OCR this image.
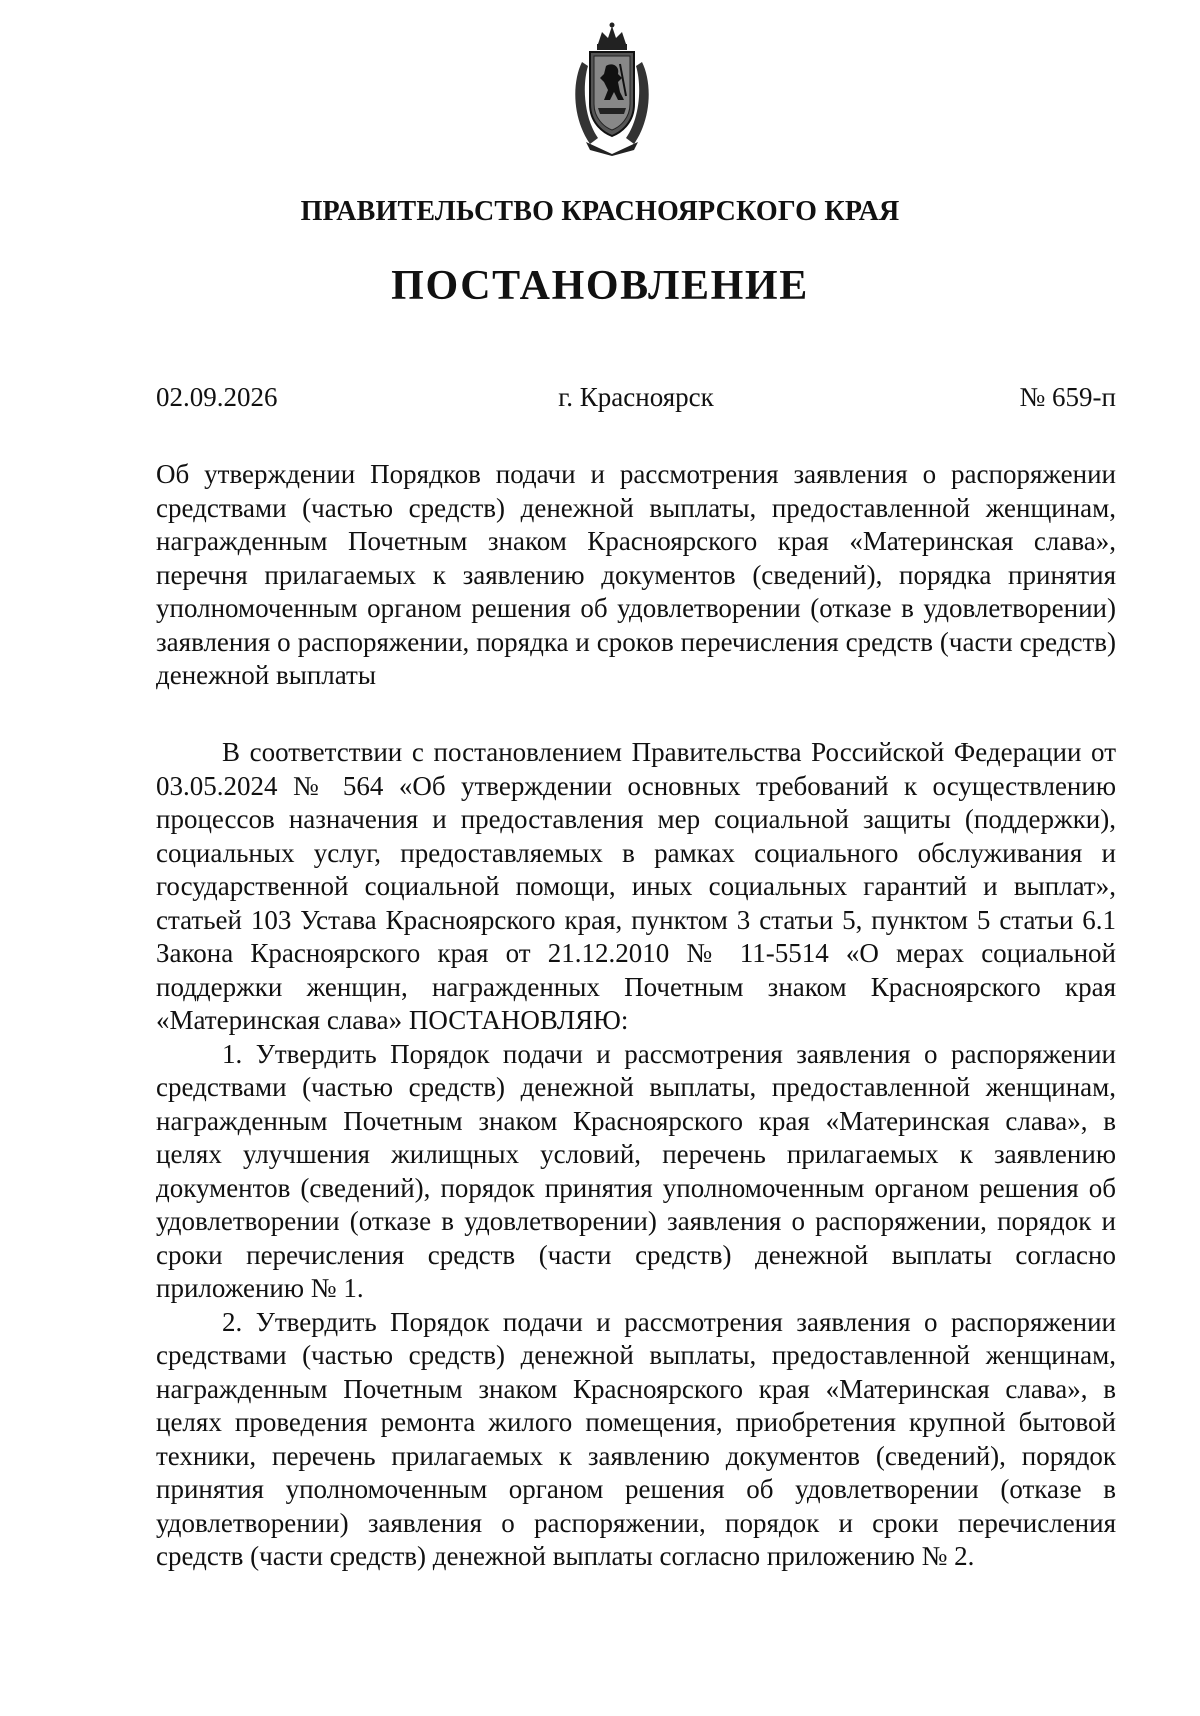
ПРАВИТЕЛЬСТВО КРАСНОЯРСКОГО КРАЯ
ПОСТАНОВЛЕНИЕ
02.09.2026	г. Красноярск	№ 659-п
Об утверждении Порядков подачи и рассмотрения заявления о распоряжении средствами (частью средств) денежной выплаты, предоставленной женщинам, награжденным Почетным знаком Красноярского края «Материнская слава», перечня прилагаемых к заявлению документов (сведений), порядка принятия уполномоченным органом решения об удовлетворении (отказе в удовлетворении) заявления о распоряжении, порядка и сроков перечисления средств (части средств) денежной выплаты

В соответствии с постановлением Правительства Российской Федерации от 03.05.2024 № 564 «Об утверждении основных требований к осуществлению процессов назначения и предоставления мер социальной защиты (поддержки), социальных услуг, предоставляемых в рамках социального обслуживания и государственной социальной помощи, иных социальных гарантий и выплат», статьей 103 Устава Красноярского края, пунктом 3 статьи 5, пунктом 5 статьи 6.1 Закона Красноярского края от 21.12.2010 № 11-5514 «О мерах социальной поддержки женщин, награжденных Почетным знаком Красноярского края «Материнская слава» ПОСТАНОВЛЯЮ:

1. Утвердить Порядок подачи и рассмотрения заявления о распоряжении средствами (частью средств) денежной выплаты, предоставленной женщинам, награжденным Почетным знаком Красноярского края «Материнская слава», в целях улучшения жилищных условий, перечень прилагаемых к заявлению документов (сведений), порядок принятия уполномоченным органом решения об удовлетворении (отказе в удовлетворении) заявления о распоряжении, порядок и сроки перечисления средств (части средств) денежной выплаты согласно приложению № 1.

2. Утвердить Порядок подачи и рассмотрения заявления о распоряжении средствами (частью средств) денежной выплаты, предоставленной женщинам, награжденным Почетным знаком Красноярского края «Материнская слава», в целях проведения ремонта жилого помещения, приобретения крупной бытовой техники, перечень прилагаемых к заявлению документов (сведений), порядок принятия уполномоченным органом решения об удовлетворении (отказе в удовлетворении) заявления о распоряжении, порядок и сроки перечисления средств (части средств) денежной выплаты согласно приложению № 2.
